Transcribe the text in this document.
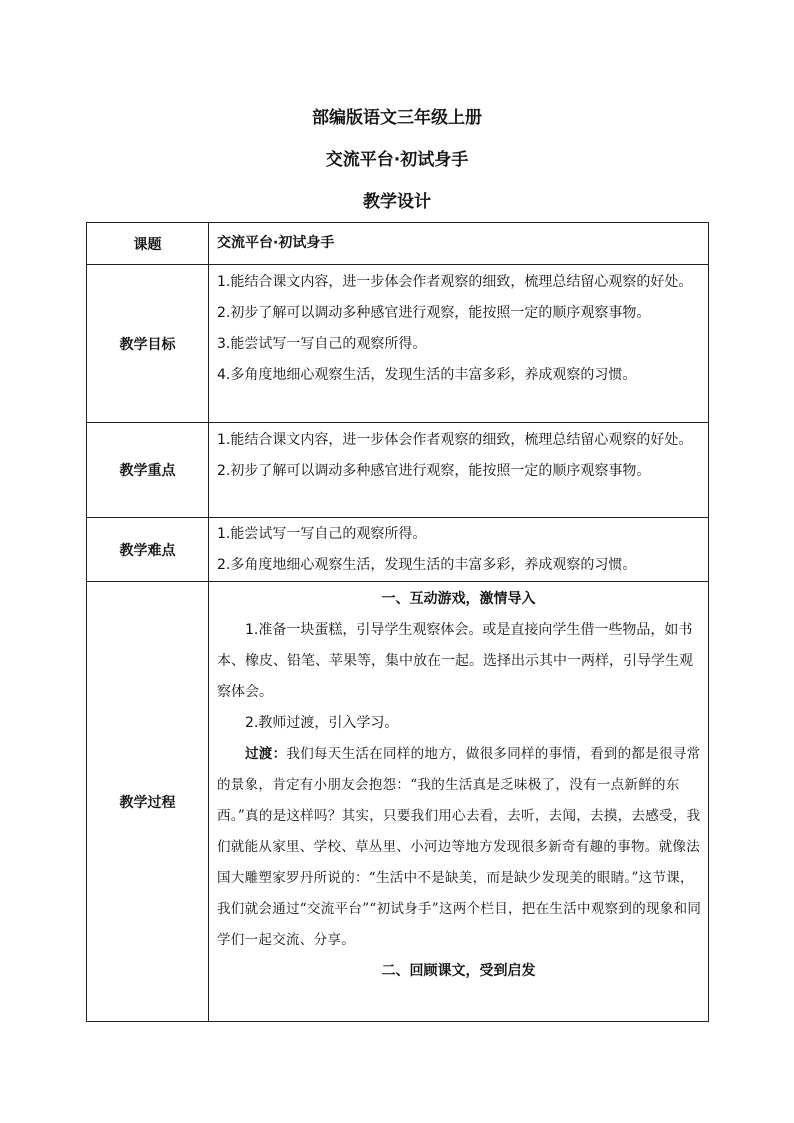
部编版语文三年级上册
交流平台·初试身手
教学设计
课题	交流平台·初试身手

教学目标	1.能结合课文内容，进一步体会作者观察的细致，梳理总结留心观察的好处。
2.初步了解可以调动多种感官进行观察，能按照一定的顺序观察事物。
3.能尝试写一写自己的观察所得。
4.多角度地细心观察生活，发现生活的丰富多彩，养成观察的习惯。

教学重点	1.能结合课文内容，进一步体会作者观察的细致，梳理总结留心观察的好处。
2.初步了解可以调动多种感官进行观察，能按照一定的顺序观察事物。

教学难点	1.能尝试写一写自己的观察所得。
2.多角度地细心观察生活，发现生活的丰富多彩，养成观察的习惯。

教学过程	一、互动游戏，激情导入
1.准备一块蛋糕，引导学生观察体会。或是直接向学生借一些物品，如书本、橡皮、铅笔、苹果等，集中放在一起。选择出示其中一两样，引导学生观察体会。
2.教师过渡，引入学习。
过渡：我们每天生活在同样的地方，做很多同样的事情，看到的都是很寻常的景象，肯定有小朋友会抱怨：“我的生活真是乏味极了，没有一点新鲜的东西。”真的是这样吗？其实，只要我们用心去看，去听，去闻，去摸，去感受，我们就能从家里、学校、草丛里、小河边等地方发现很多新奇有趣的事物。就像法国大雕塑家罗丹所说的：“生活中不是缺美，而是缺少发现美的眼睛。”这节课，我们就会通过“交流平台”“初试身手”这两个栏目，把在生活中观察到的现象和同学们一起交流、分享。
二、回顾课文，受到启发
